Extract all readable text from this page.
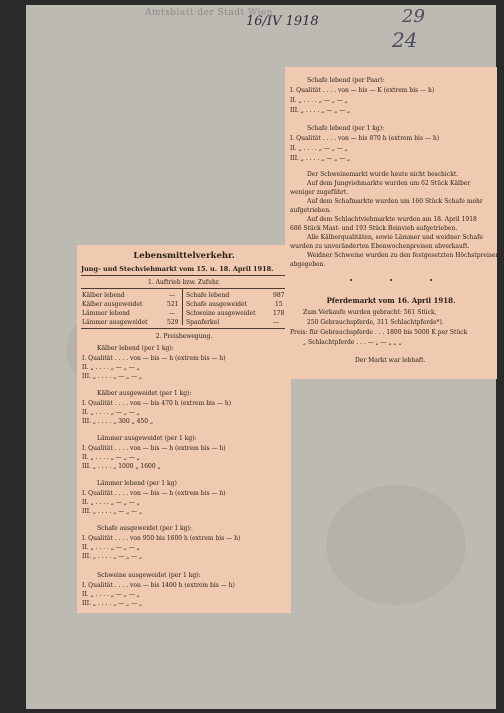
Amtsblatt der Stadt Wien
16/IV 1918	29
24
Lebensmittelverkehr.
Jung- und Stechviehmarkt vom 15. u. 18. April 1918.
1. Auftrieb bzw. Zufuhr.
Kälber lebend	— Schafe lebend	987
Kälber ausgeweidet	521 Schafe ausgeweidet	15
Lämmer lebend	— Schweine ausgeweidet	178
Lämmer ausgeweidet	529 Spanferkel	—
2. Preisbewegung.
Kälber lebend (per 1 kg):
I. Qualität . . . . von — bis — h (extrem bis — h)
II. „ . . . . „ — „ — „
III. „ . . . . „ — „ — „
Kälber ausgeweidet (per 1 kg):
I. Qualität . . . . von — bis 470 h (extrem bis — h)
II. „ . . . . „ — „ — „
III. „ . . . . „ 300 „ 450 „
Lämmer ausgeweidet (per 1 kg):
I. Qualität . . . . von — bis — h (extrem bis — h)
II. „ . . . . „ — „ — „
III. „ . . . . „ 1000 „ 1600 „
Lämmer lebend (per 1 kg)
I. Qualität . . . . von — bis — h (extrem bis — h)
II. „ . . . . „ — „ — „
III. „ . . . . „ — „ — „
Schafe ausgeweidet (per 1 kg):
I. Qualität . . . . von 950 bis 1600 h (extrem bis — h)
II. „ . . . . „ — „ — „
III. „ . . . . „ — „ — „
Schweine ausgeweidet (per 1 kg):
I. Qualität . . . . von — bis 1400 h (extrem bis — h)
II. „ . . . . „ — „ — „
III. „ . . . . „ — „ — „
Schafe lebend (per Paar):
I. Qualität . . . . von — bis — K (extrem bis — h)
II. „ . . . . „ — „ — „
III. „ . . . . „ — „ — „
Schafe lebend (per 1 kg):
I. Qualität . . . . von — bis 870 h (extrem bis — h)
II. „ . . . . „ — „ — „
III. „ . . . . „ — „ — „
Der Schweinemarkt wurde heute nicht beschickt.
Auf dem Jungviehmarkte wurden um 62 Stück Kälber
weniger zugeführt.
Auf dem Schafmarkte wurden um 160 Stück Schafe mehr
aufgetrieben.
Auf dem Schlachtviehmarkte wurden am 18. April 1918
686 Stück Mast- und 193 Stück Beinvieh aufgetrieben.
Alle Kälberqualitäten, sowie Lämmer und weidner Schafe
wurden zu unveränderten Ebenwochenpreisen abverkauft.
Weidner Schweine wurden zu den festgesetzten Höchstpreisen
abgegeben.
Pferdemarkt vom 16. April 1918.
Zum Verkaufe wurden gebracht: 561 Stück,
250 Gebrauchspferde, 311 Schlachtpferde*).
Preis: für Gebrauchspferde . . . 1800 bis 5000 K per Stück
„ Schlachtpferde . . . — „ — „ „ „
Der Markt war lebhaft.
